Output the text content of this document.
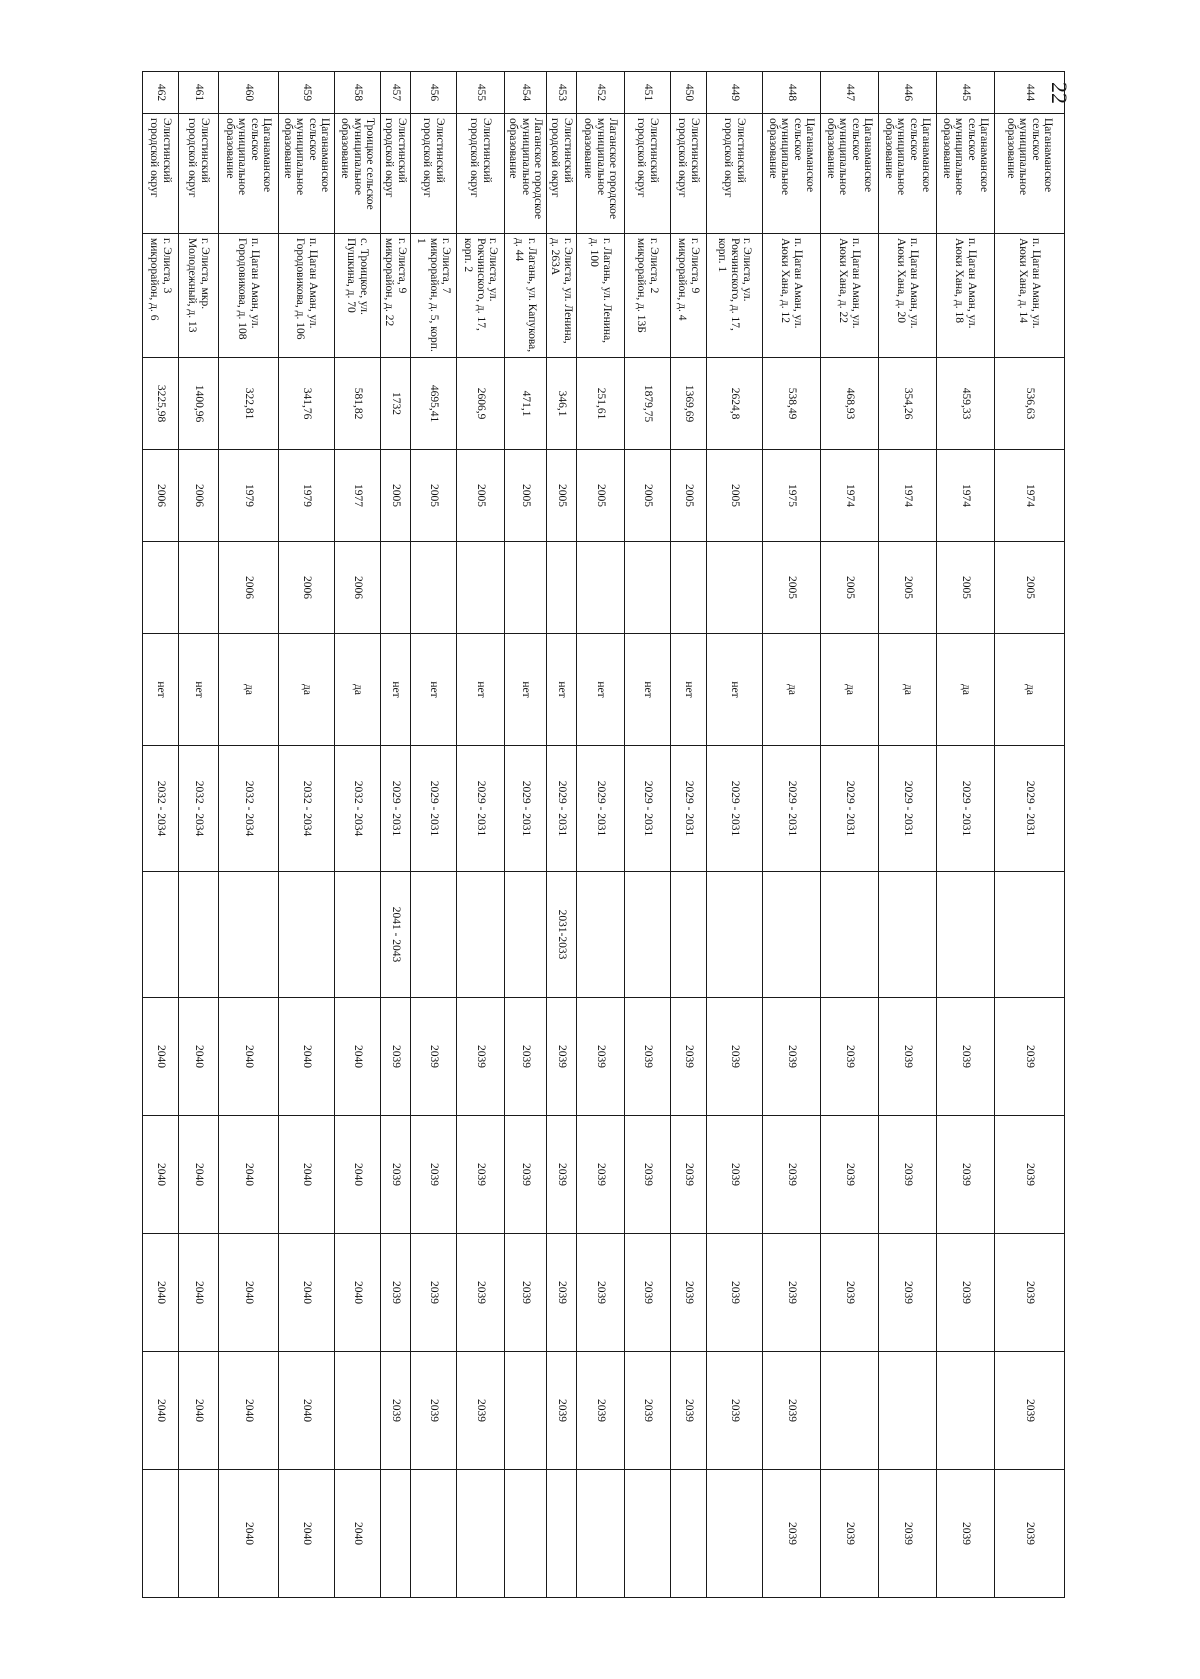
22
444	Цаганаманское сельское муниципальное образование	п. Цаган Аман, ул. Аюки Хана, д. 14	536,63	1974	2005	да	2029 - 2031		2039	2039	2039	2039	2039
445	Цаганаманское сельское муниципальное образование	п. Цаган Аман, ул. Аюки Хана, д. 18	459,33	1974	2005	да	2029 - 2031		2039	2039	2039		2039
446	Цаганаманское сельское муниципальное образование	п. Цаган Аман, ул. Аюки Хана, д. 20	354,26	1974	2005	да	2029 - 2031		2039	2039	2039		2039
447	Цаганаманское сельское муниципальное образование	п. Цаган Аман, ул. Аюки Хана, д. 22	468,93	1974	2005	да	2029 - 2031		2039	2039	2039		2039
448	Цаганаманское сельское муниципальное образование	п. Цаган Аман, ул. Аюки Хана, д. 12	538,49	1975	2005	да	2029 - 2031		2039	2039	2039	2039	2039
449	Элистинский городской округ	г. Элиста, ул. Рокчинского, д. 17, корп. 1	2624,8	2005		нет	2029 - 2031		2039	2039	2039	2039	
450	Элистинский городской округ	г. Элиста, 9 микрорайон, д. 4	1369,69	2005		нет	2029 - 2031		2039	2039	2039	2039	
451	Элистинский городской округ	г. Элиста, 2 микрорайон, д. 13Б	1879,75	2005		нет	2029 - 2031		2039	2039	2039	2039	
452	Лаганское городское муниципальное образование	г. Лагань, ул. Ленина, д. 100	251,61	2005		нет	2029 - 2031		2039	2039	2039	2039	
453	Элистинский городской округ	г. Элиста, ул. Ленина, д. 263А	346,1	2005		нет	2029 - 2031	2031-2033	2039	2039	2039	2039	
454	Лаганское городское муниципальное образование	г. Лагань, ул. Капукова, д. 44	471,1	2005		нет	2029 - 2031		2039	2039	2039		
455	Элистинский городской округ	г. Элиста, ул. Рокчинского, д. 17, корп. 2	2606,9	2005		нет	2029 - 2031		2039	2039	2039	2039	
456	Элистинский городской округ	г. Элиста, 7 микрорайон, д. 5, корп. 1	4695,41	2005		нет	2029 - 2031		2039	2039	2039	2039	
457	Элистинский городской округ	г. Элиста, 9 микрорайон, д. 22	1732	2005		нет	2029 - 2031	2041 - 2043	2039	2039	2039	2039	
458	Троицкое сельское муниципальное образование	с. Троицкое, ул. Пушкина, д. 70	581,82	1977	2006	да	2032 - 2034		2040	2040	2040		2040
459	Цаганаманское сельское муниципальное образование	п. Цаган Аман, ул. Городовикова, д. 106	341,76	1979	2006	да	2032 - 2034		2040	2040	2040	2040	2040
460	Цаганаманское сельское муниципальное образование	п. Цаган Аман, ул. Городовикова, д. 108	322,81	1979	2006	да	2032 - 2034		2040	2040	2040	2040	2040
461	Элистинский городской округ	г. Элиста, мкр. Молодежный, д. 13	1400,96	2006		нет	2032 - 2034		2040	2040	2040	2040	
462	Элистинский городской округ	г. Элиста, 3 микрорайон, д. 6	3225,98	2006		нет	2032 - 2034		2040	2040	2040	2040	
